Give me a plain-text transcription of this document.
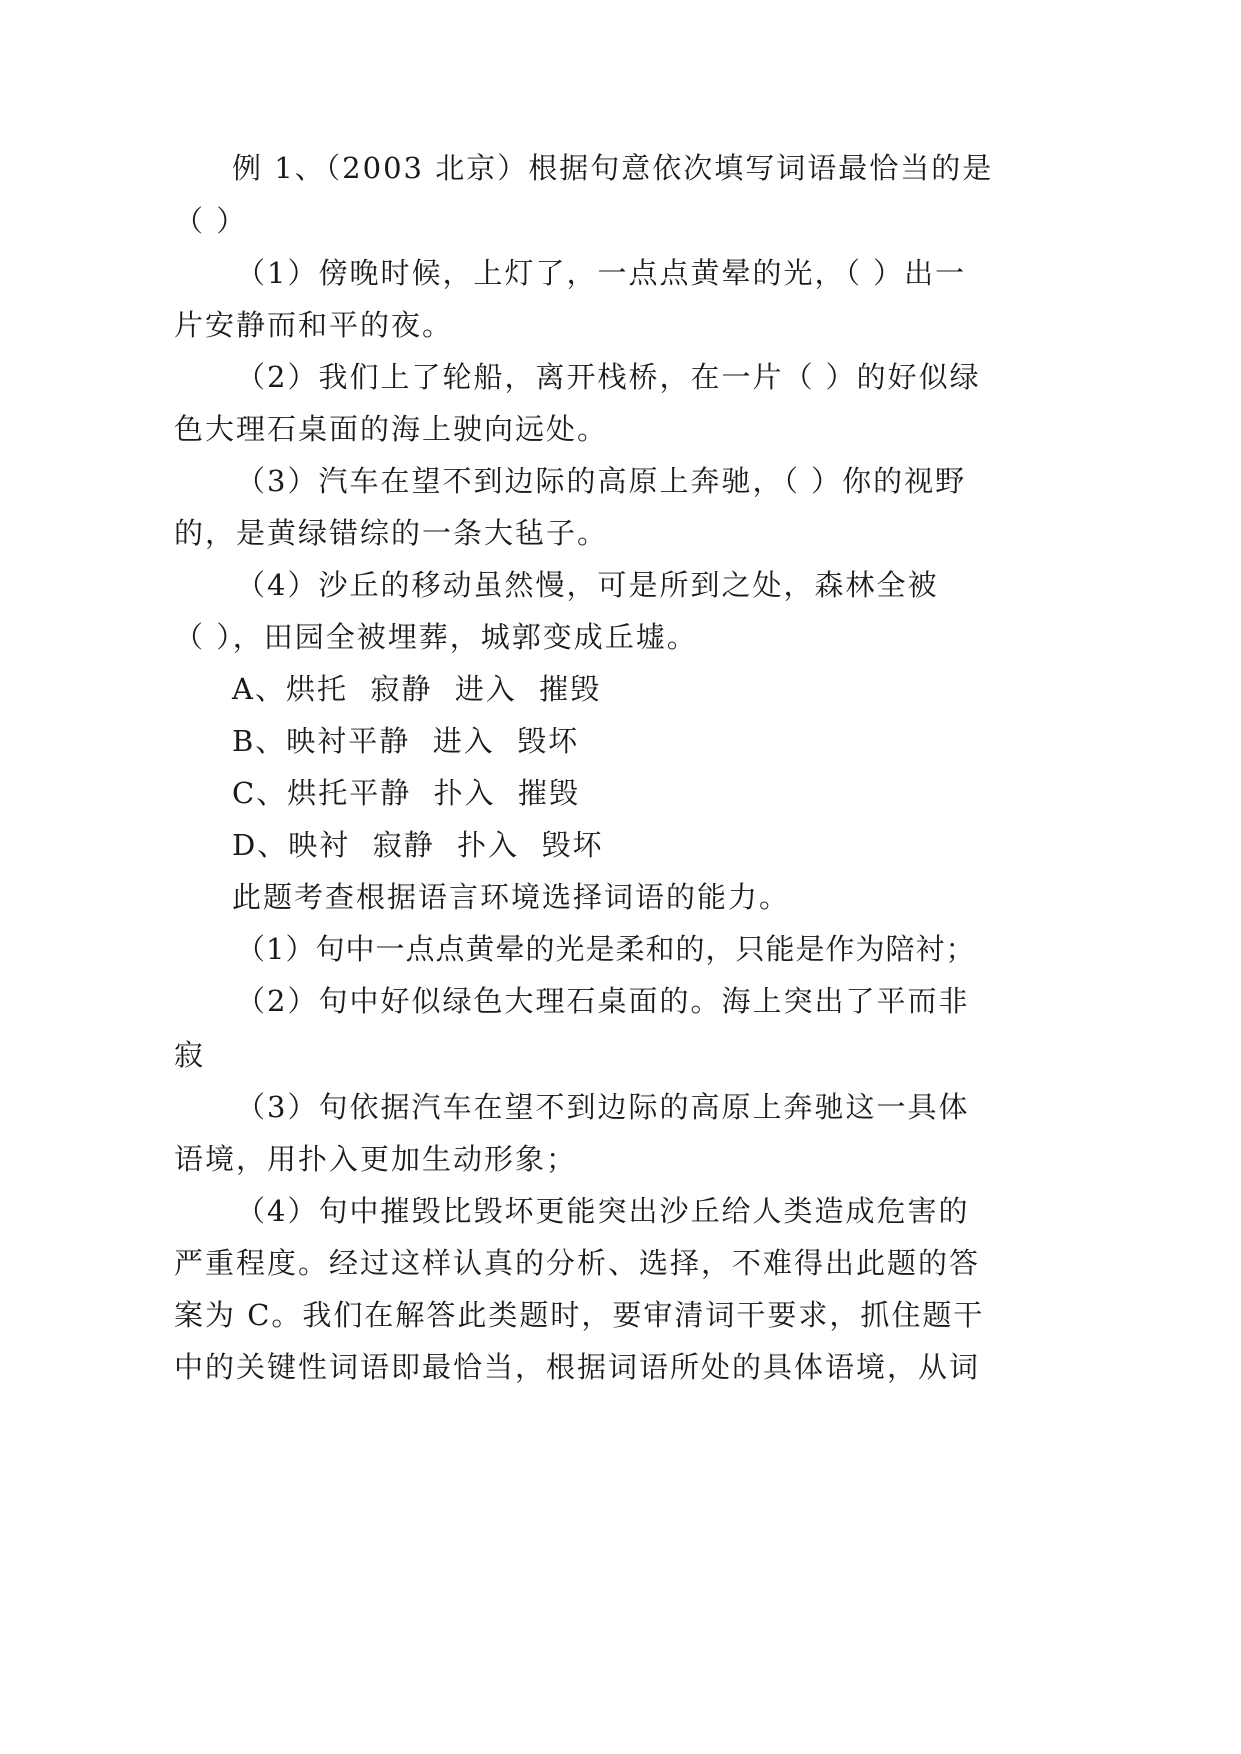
例 1、（2003 北京）根据句意依次填写词语最恰当的是
（ ）
（1）傍晚时候，上灯了，一点点黄晕的光，（ ）出一
片安静而和平的夜。
（2）我们上了轮船，离开栈桥，在一片（ ）的好似绿
色大理石桌面的海上驶向远处。
（3）汽车在望不到边际的高原上奔驰，（ ）你的视野
的，是黄绿错综的一条大毡子。
（4）沙丘的移动虽然慢，可是所到之处，森林全被
（ ），田园全被埋葬，城郭变成丘墟。
A、烘托  寂静  进入  摧毁
B、映衬平静  进入  毁坏
C、烘托平静  扑入  摧毁
D、映衬  寂静  扑入  毁坏
此题考查根据语言环境选择词语的能力。
（1）句中一点点黄晕的光是柔和的，只能是作为陪衬；
（2）句中好似绿色大理石桌面的。海上突出了平而非
寂
（3）句依据汽车在望不到边际的高原上奔驰这一具体
语境，用扑入更加生动形象；
（4）句中摧毁比毁坏更能突出沙丘给人类造成危害的
严重程度。经过这样认真的分析、选择，不难得出此题的答
案为 C。我们在解答此类题时，要审清词干要求，抓住题干
中的关键性词语即最恰当，根据词语所处的具体语境，从词
